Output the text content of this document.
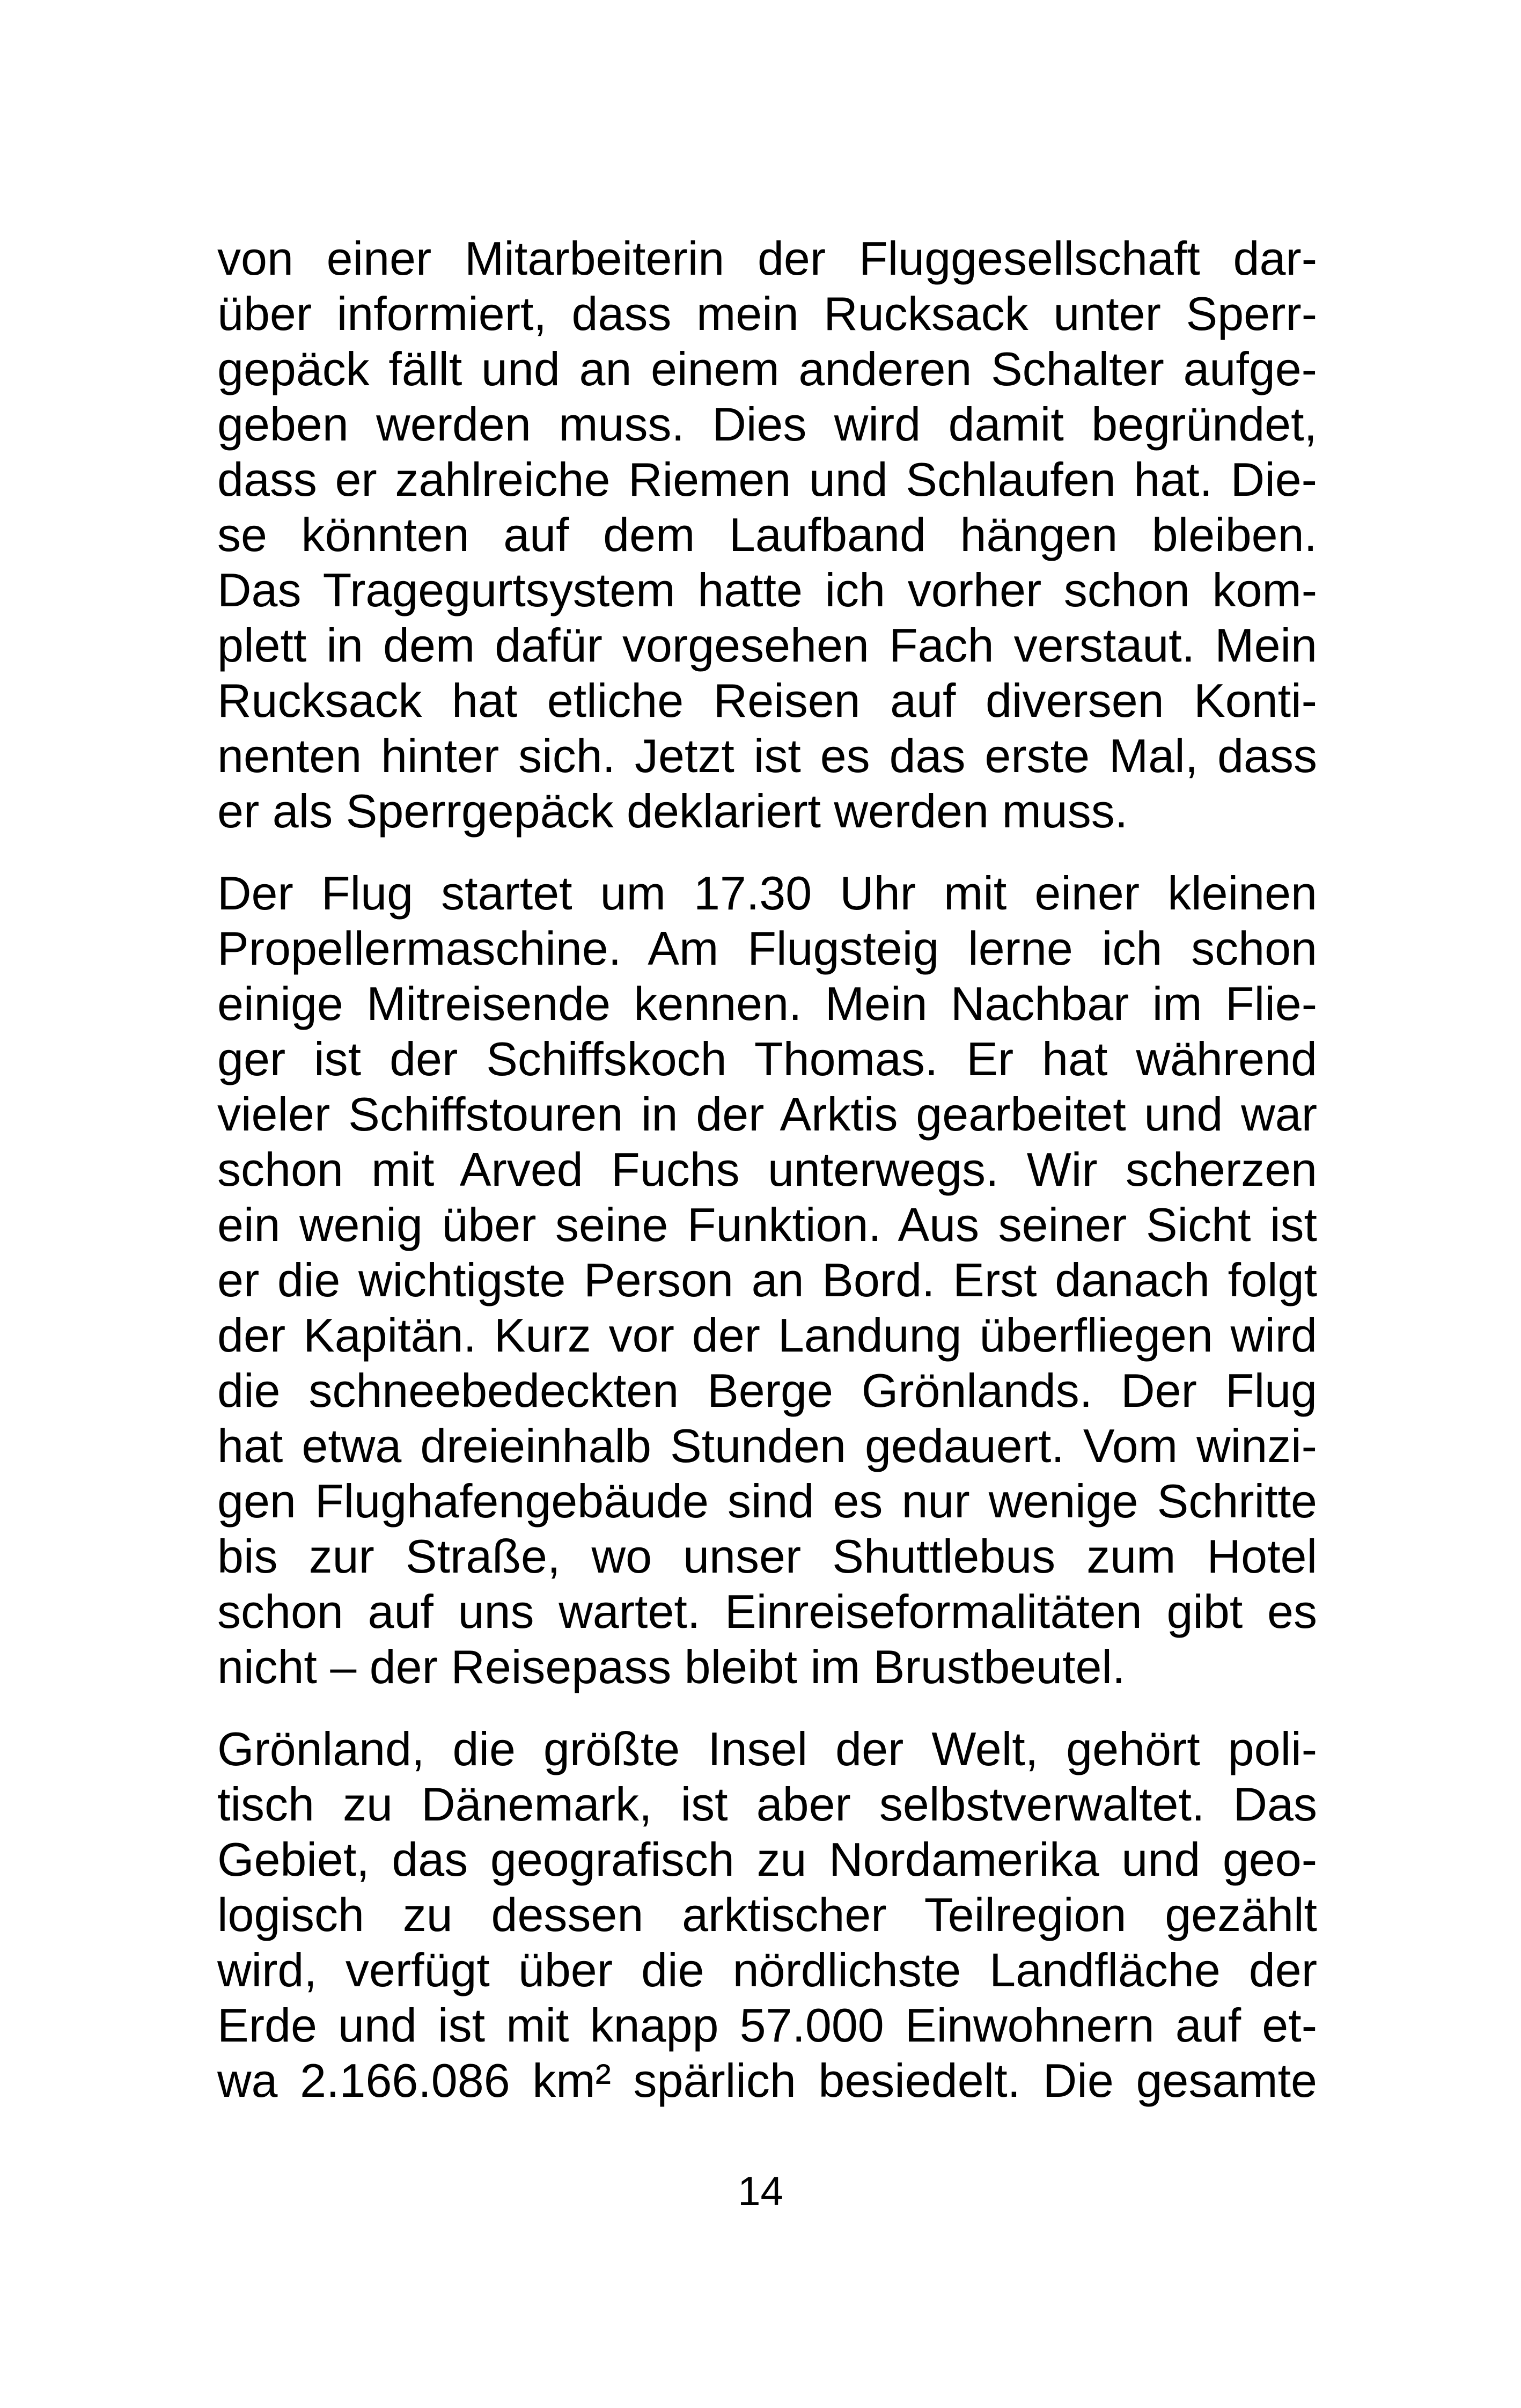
von einer Mitarbeiterin der Fluggesellschaft dar-
über informiert, dass mein Rucksack unter Sperr-
gepäck fällt und an einem anderen Schalter aufge-
geben werden muss. Dies wird damit begründet,
dass er zahlreiche Riemen und Schlaufen hat. Die-
se könnten auf dem Laufband hängen bleiben.
Das Tragegurtsystem hatte ich vorher schon kom-
plett in dem dafür vorgesehen Fach verstaut. Mein
Rucksack hat etliche Reisen auf diversen Konti-
nenten hinter sich. Jetzt ist es das erste Mal, dass
er als Sperrgepäck deklariert werden muss.
Der Flug startet um 17.30 Uhr mit einer kleinen
Propellermaschine. Am Flugsteig lerne ich schon
einige Mitreisende kennen. Mein Nachbar im Flie-
ger ist der Schiffskoch Thomas. Er hat während
vieler Schiffstouren in der Arktis gearbeitet und war
schon mit Arved Fuchs unterwegs. Wir scherzen
ein wenig über seine Funktion. Aus seiner Sicht ist
er die wichtigste Person an Bord. Erst danach folgt
der Kapitän. Kurz vor der Landung überfliegen wird
die schneebedeckten Berge Grönlands. Der Flug
hat etwa dreieinhalb Stunden gedauert. Vom winzi-
gen Flughafengebäude sind es nur wenige Schritte
bis zur Straße, wo unser Shuttlebus zum Hotel
schon auf uns wartet. Einreiseformalitäten gibt es
nicht – der Reisepass bleibt im Brustbeutel.
Grönland, die größte Insel der Welt, gehört poli-
tisch zu Dänemark, ist aber selbstverwaltet. Das
Gebiet, das geografisch zu Nordamerika und geo-
logisch zu dessen arktischer Teilregion gezählt
wird, verfügt über die nördlichste Landfläche der
Erde und ist mit knapp 57.000 Einwohnern auf et-
wa 2.166.086 km² spärlich besiedelt. Die gesamte
14
